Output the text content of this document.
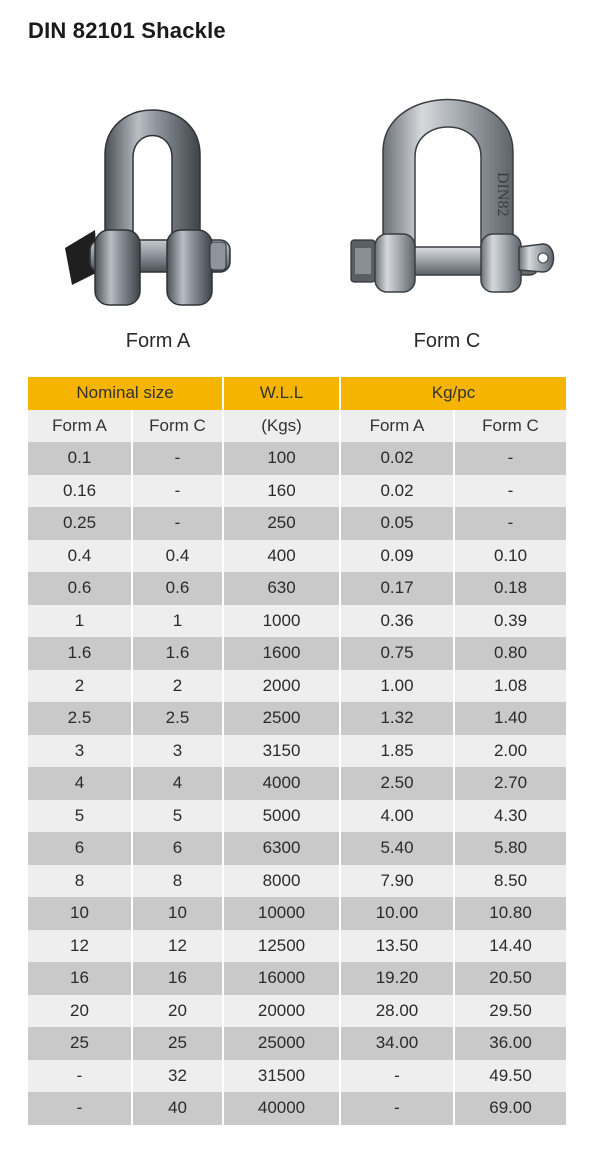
DIN 82101 Shackle
Form A
DIN82
Form C
Nominal size		W.L.L	Kg/pc	
Form A	Form C	(Kgs)	Form A	Form C
0.1	-	100	0.02	-
0.16	-	160	0.02	-
0.25	-	250	0.05	-
0.4	0.4	400	0.09	0.10
0.6	0.6	630	0.17	0.18
1	1	1000	0.36	0.39
1.6	1.6	1600	0.75	0.80
2	2	2000	1.00	1.08
2.5	2.5	2500	1.32	1.40
3	3	3150	1.85	2.00
4	4	4000	2.50	2.70
5	5	5000	4.00	4.30
6	6	6300	5.40	5.80
8	8	8000	7.90	8.50
10	10	10000	10.00	10.80
12	12	12500	13.50	14.40
16	16	16000	19.20	20.50
20	20	20000	28.00	29.50
25	25	25000	34.00	36.00
-	32	31500	-	49.50
-	40	40000	-	69.00
